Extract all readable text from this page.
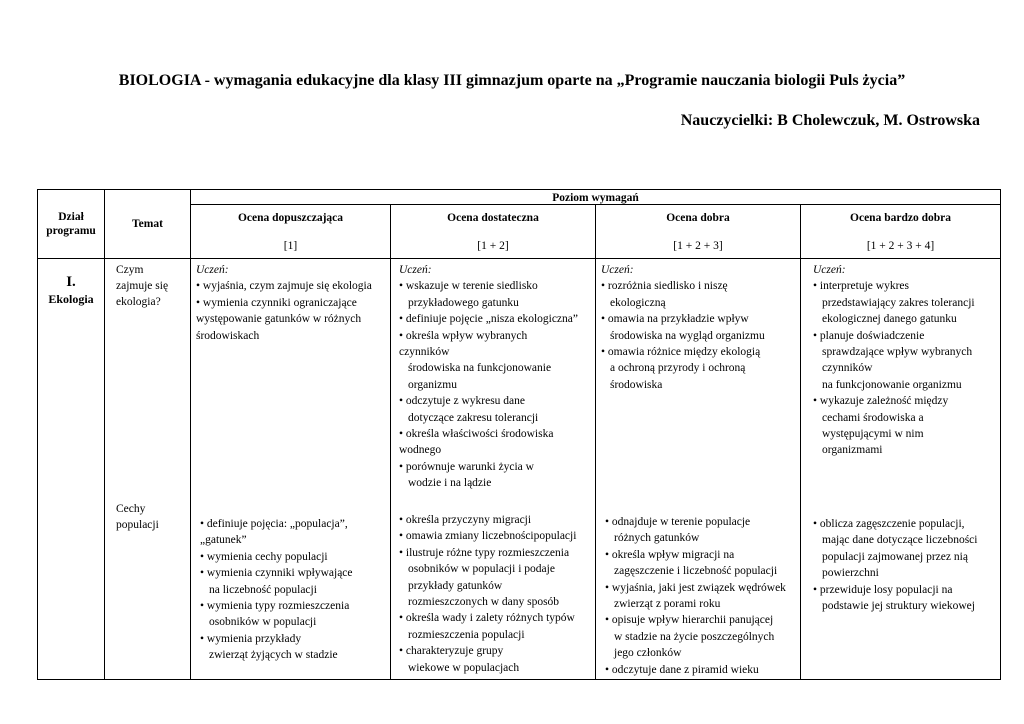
BIOLOGIA - wymagania edukacyjne dla klasy III gimnazjum oparte na „Programie nauczania biologii Puls życia”
Nauczycielki: B Cholewczuk, M. Ostrowska
Dział programu
Temat
Poziom wymagań
Ocena dopuszczająca
[1]
Ocena dostateczna
[1 + 2]
Ocena dobra
[1 + 2 + 3]
Ocena bardzo dobra
[1 + 2 + 3 + 4]
I.
Ekologia
Czym
zajmuje się
ekologia?
Cechy
populacji
Uczeń:
• wyjaśnia, czym zajmuje się ekologia
• wymienia czynniki ograniczające
występowanie gatunków w różnych
środowiskach
Uczeń:
• wskazuje w terenie siedlisko
przykładowego gatunku
• definiuje pojęcie „nisza ekologiczna”
• określa wpływ wybranych
czynników
środowiska na funkcjonowanie
organizmu
• odczytuje z wykresu dane
dotyczące zakresu tolerancji
• określa właściwości środowiska
wodnego
• porównuje warunki życia w
wodzie i na lądzie
Uczeń:
• rozróżnia siedlisko i niszę
ekologiczną
• omawia na przykładzie wpływ
środowiska na wygląd organizmu
• omawia różnice między ekologią
a ochroną przyrody i ochroną
środowiska
Uczeń:
• interpretuje wykres
przedstawiający zakres tolerancji
ekologicznej danego gatunku
• planuje doświadczenie
sprawdzające wpływ wybranych
czynników
na funkcjonowanie organizmu
• wykazuje zależność między
cechami środowiska a
występującymi w nim
organizmami
• definiuje pojęcia: „populacja”,
„gatunek”
• wymienia cechy populacji
• wymienia czynniki wpływające
na liczebność populacji
• wymienia typy rozmieszczenia
osobników w populacji
• wymienia przykłady
zwierząt żyjących w stadzie
• określa przyczyny migracji
• omawia zmiany liczebnościpopulacji
• ilustruje różne typy rozmieszczenia
osobników w populacji i podaje
przykłady gatunków
rozmieszczonych w dany sposób
• określa wady i zalety różnych typów
rozmieszczenia populacji
• charakteryzuje grupy
wiekowe w populacjach
• odnajduje w terenie populacje
różnych gatunków
• określa wpływ migracji na
zagęszczenie i liczebność populacji
• wyjaśnia, jaki jest związek wędrówek
zwierząt z porami roku
• opisuje wpływ hierarchii panującej
w stadzie na życie poszczególnych
jego członków
• odczytuje dane z piramid wieku
• oblicza zagęszczenie populacji,
mając dane dotyczące liczebności
populacji zajmowanej przez nią
powierzchni
• przewiduje losy populacji na
podstawie jej struktury wiekowej
